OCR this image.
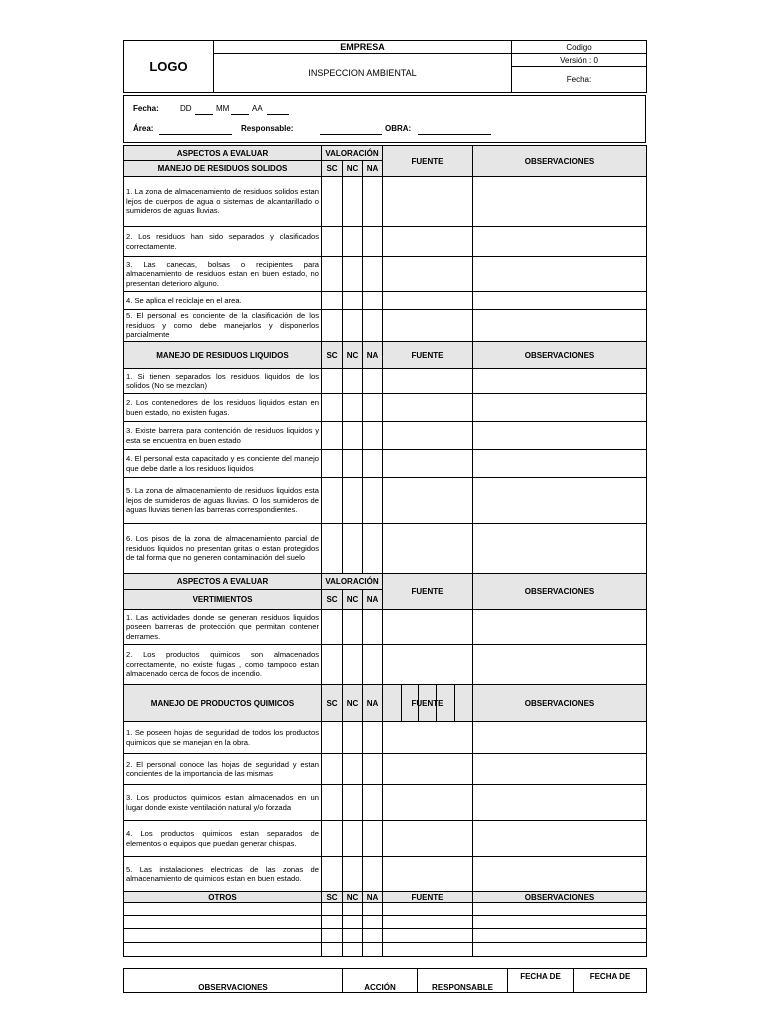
LOGO	EMPRESA	Codigo
	INSPECCION AMBIENTAL	Versión : 0
		Fecha:
Fecha:	DD	MM	AA
Área:	Responsable:	OBRA:
ASPECTOS A EVALUAR	VALORACIÓN			FUENTE	OBSERVACIONES
MANEJO DE RESIDUOS SOLIDOS	SC	NC	NA		
1. La zona de almacenamiento de residuos solidos estan lejos de cuerpos de agua o sistemas de alcantarillado o sumideros de aguas lluvias.					
2. Los residuos han sido separados y clasificados correctamente.					
3. Las canecas, bolsas o recipientes para almacenamiento de residuos estan en buen estado, no presentan deterioro alguno.					
4. Se aplica el reciclaje en el area.					
5. El personal es conciente de la clasificación de los residuos y como debe manejarlos y disponerlos parcialmente					
MANEJO DE RESIDUOS LIQUIDOS	SC	NC	NA	FUENTE	OBSERVACIONES
1. Si tienen separados los residuos liquidos de los solidos (No se mezclan)					
2. Los contenedores de los residuos liquidos estan en buen estado, no existen fugas.					
3. Existe barrera para contención de residuos liquidos y esta se encuentra en buen estado					
4. El personal esta capacitado y es conciente del manejo que debe darle a los residuos liquidos					
5. La zona de almacenamiento de residuos liquidos esta lejos de sumideros de aguas lluvias. O los sumideros de aguas lluvias tienen las barreras correspondientes.					
6. Los pisos de la zona de almacenamiento parcial de residuos liquidos no presentan gritas o estan protegidos de tal forma que no generen contaminación del suelo					
ASPECTOS A EVALUAR	VALORACIÓN			FUENTE	OBSERVACIONES
VERTIMIENTOS	SC	NC	NA		
1. Las actividades donde se generan residuos liquidos poseen barreras de protección que permitan contener derrames.					
2. Los productos quimicos son almacenados correctamente, no existe fugas , como tampoco estan almacenado cerca de focos de incendio.					
MANEJO DE PRODUCTOS QUIMICOS	SC	NC	NA	FUENTE	OBSERVACIONES
1. Se poseen hojas de seguridad de todos los productos quimicos que se manejan en la obra.					
2. El personal conoce las hojas de seguridad y estan concientes de la importancia de las mismas					
3. Los productos quimicos estan almacenados en un lugar donde existe ventilación natural y/o forzada					
4. Los productos quimicos estan separados de elementos o equipos que puedan generar chispas.					
5. Las instalaciones electricas de las zonas de almacenamiento de quimicos estan en buen estado.					
OTROS	SC	NC	NA	FUENTE	OBSERVACIONES

OBSERVACIONES	ACCIÓN	RESPONSABLE	FECHA DE	FECHA DE
